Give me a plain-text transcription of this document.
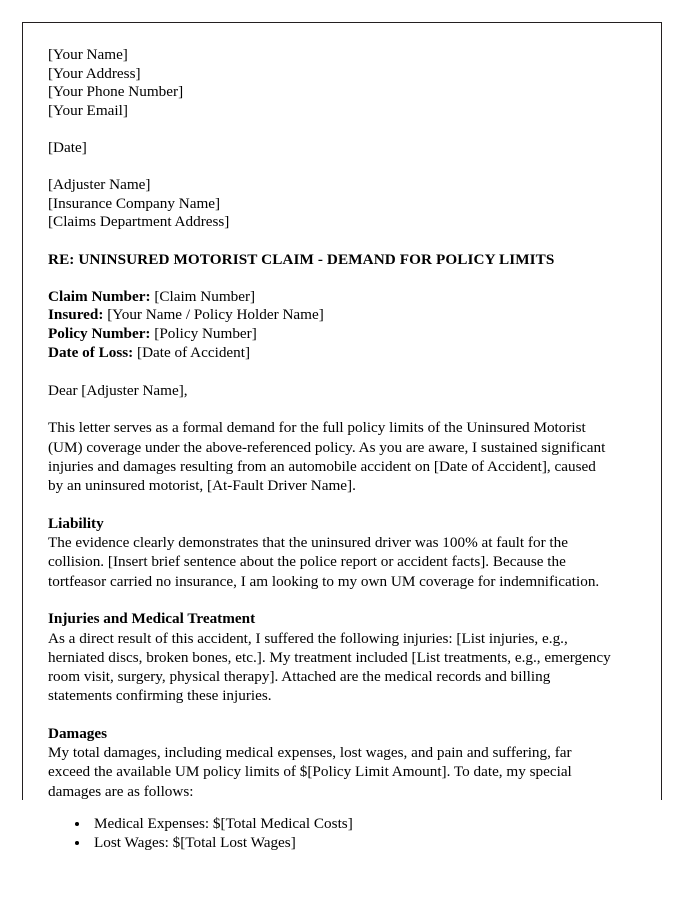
[Your Name]
[Your Address]
[Your Phone Number]
[Your Email]
[Date]
[Adjuster Name]
[Insurance Company Name]
[Claims Department Address]
RE: UNINSURED MOTORIST CLAIM - DEMAND FOR POLICY LIMITS
Claim Number: [Claim Number]
Insured: [Your Name / Policy Holder Name]
Policy Number: [Policy Number]
Date of Loss: [Date of Accident]

Dear [Adjuster Name],

This letter serves as a formal demand for the full policy limits of the Uninsured Motorist (UM) coverage under the above-referenced policy. As you are aware, I sustained significant injuries and damages resulting from an automobile accident on [Date of Accident], caused by an uninsured motorist, [At-Fault Driver Name].

Liability

The evidence clearly demonstrates that the uninsured driver was 100% at fault for the collision. [Insert brief sentence about the police report or accident facts]. Because the tortfeasor carried no insurance, I am looking to my own UM coverage for indemnification.

Injuries and Medical Treatment

As a direct result of this accident, I suffered the following injuries: [List injuries, e.g., herniated discs, broken bones, etc.]. My treatment included [List treatments, e.g., emergency room visit, surgery, physical therapy]. Attached are the medical records and billing statements confirming these injuries.

Damages

My total damages, including medical expenses, lost wages, and pain and suffering, far exceed the available UM policy limits of $[Policy Limit Amount]. To date, my special damages are as follows:

• Medical Expenses: $[Total Medical Costs]
• Lost Wages: $[Total Lost Wages]
